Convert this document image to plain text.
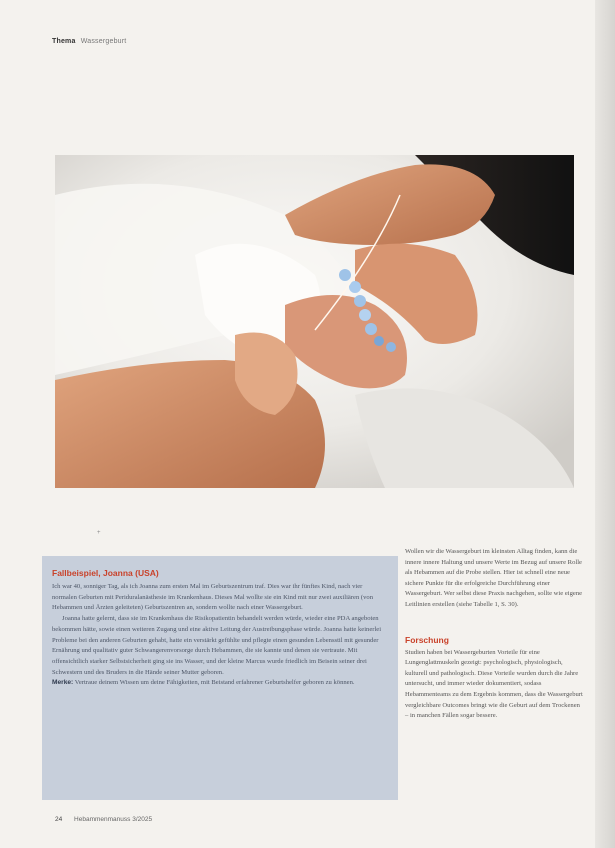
Thema Wassergeburt
+
Fallbeispiel, Joanna (USA)

Ich war 40, sonniger Tag, als ich Joanna zum ersten Mal im Geburtszentrum traf. Dies war ihr fünftes Kind, nach vier normalen Geburten mit Periduralanästhesie im Krankenhaus. Dieses Mal wollte sie ein Kind mit nur zwei auxiliären (von Hebammen und Ärzten geleiteten) Geburtszentren an, sondern wollte nach einer Wassergeburt.

Joanna hatte gelernt, dass sie im Krankenhaus die Risikopatientin behandelt werden würde, wieder eine PDA angeboten bekommen hätte, sowie einen weiteren Zugang und eine aktive Leitung der Austreibungsphase würde. Joanna hatte keinerlei Probleme bei den anderen Geburten gehabt, hatte ein verstärkt gefühlte und pflegte einen gesunden Lebensstil mit gesunder Ernährung und qualitativ guter Schwangerenvorsorge durch Hebammen, die sie kannte und denen sie vertraute. Mit offensichtlich starker Selbstsicherheit ging sie ins Wasser, und der kleine Marcus wurde friedlich im Beisein seiner drei Schwestern und des Bruders in die Hände seiner Mutter geboren.

Merke: Vertraue deinem Wissen um deine Fähigkeiten, mit Beistand erfahrener Geburtshelfer geboren zu können.

Wollen wir die Wassergeburt im kleinsten Alltag finden, kann die innere innere Haltung und unsere Werte im Bezug auf unsere Rolle als Hebammen auf die Probe stellen. Hier ist schnell eine neue sichere Punkte für die erfolgreiche Durchführung einer Wassergeburt. Wer selbst diese Praxis nachgehen, sollte wie eigene Leitlinien erstellen (siehe Tabelle 1, S. 30).

Forschung

Studien haben bei Wassergeburten Vorteile für eine Lungenglattmuskeln gezeigt: psychologisch, physiologisch, kulturell und pathologisch. Diese Vorteile wurden durch die Jahre untersucht, und immer wieder dokumentiert, sodass Hebammenteams zu dem Ergebnis kommen, dass die Wassergeburt vergleichbare Outcomes bringt wie die Geburt auf dem Trockenen – in manchen Fällen sogar bessere.

24 Hebammenmanuss 3/2025
